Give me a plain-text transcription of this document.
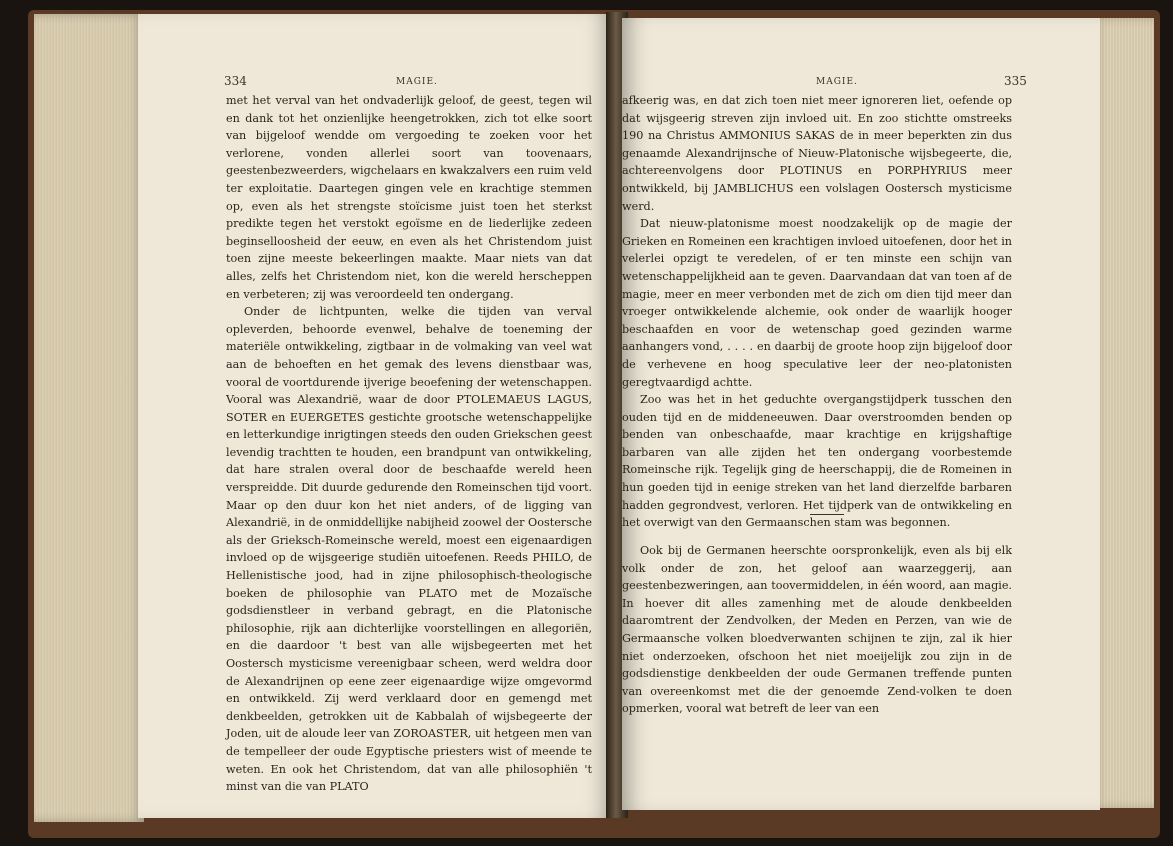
334	MAGIE.

met het verval van het ondvaderlijk geloof, de geest, tegen wil en dank tot het onzienlijke heengetrokken, zich tot elke soort van bijgeloof wendde om vergoeding te zoeken voor het verlorene, vonden allerlei soort van toovenaars, geestenbezweerders, wigchelaars en kwakzalvers een ruim veld ter exploitatie. Daartegen gingen vele en krachtige stemmen op, even als het strengste stoïcisme juist toen het sterkst predikte tegen het verstokt egoïsme en de liederlijke zedeen beginselloosheid der eeuw, en even als het Christendom juist toen zijne meeste bekeerlingen maakte. Maar niets van dat alles, zelfs het Christendom niet, kon die wereld herscheppen en verbeteren; zij was veroordeeld ten ondergang.

Onder de lichtpunten, welke die tijden van verval opleverden, behoorde evenwel, behalve de toeneming der materiële ontwikkeling, zigtbaar in de volmaking van veel wat aan de behoeften en het gemak des levens dienstbaar was, vooral de voortdurende ijverige beoefening der wetenschappen. Vooral was Alexandrië, waar de door PTOLEMAEUS LAGUS, SOTER en EUERGETES gestichte grootsche wetenschappelijke en letterkundige inrigtingen steeds den ouden Griekschen geest levendig trachtten te houden, een brandpunt van ontwikkeling, dat hare stralen overal door de beschaafde wereld heen verspreidde. Dit duurde gedurende den Romeinschen tijd voort. Maar op den duur kon het niet anders, of de ligging van Alexandrië, in de onmiddellijke nabijheid zoowel der Oostersche als der Grieksch-Romeinsche wereld, moest een eigenaardigen invloed op de wijsgeerige studiën uitoefenen. Reeds PHILO, de Hellenistische jood, had in zijne philosophisch-theologische boeken de philosophie van PLATO met de Mozaïsche godsdienstleer in verband gebragt, en die Platonische philosophie, rijk aan dichterlijke voorstellingen en allegoriën, en die daardoor 't best van alle wijsbegeerten met het Oostersch mysticisme vereenigbaar scheen, werd weldra door de Alexandrijnen op eene zeer eigenaardige wijze omgevormd en ontwikkeld. Zij werd verklaard door en gemengd met denkbeelden, getrokken uit de Kabbalah of wijsbegeerte der Joden, uit de aloude leer van ZOROASTER, uit hetgeen men van de tempelleer der oude Egyptische priesters wist of meende te weten. En ook het Christendom, dat van alle philosophiën 't minst van die van PLATO

MAGIE.	335

afkeerig was, en dat zich toen niet meer ignoreren liet, oefende op dat wijsgeerig streven zijn invloed uit. En zoo stichtte omstreeks 190 na Christus AMMONIUS SAKAS de in meer beperkten zin dus genaamde Alexandrijnsche of Nieuw-Platonische wijsbegeerte, die, achtereenvolgens door PLOTINUS en PORPHYRIUS meer ontwikkeld, bij JAMBLICHUS een volslagen Oostersch mysticisme werd.

Dat nieuw-platonisme moest noodzakelijk op de magie der Grieken en Romeinen een krachtigen invloed uitoefenen, door het in velerlei opzigt te veredelen, of er ten minste een schijn van wetenschappelijkheid aan te geven. Daarvandaan dat van toen af de magie, meer en meer verbonden met de zich om dien tijd meer dan vroeger ontwikkelende alchemie, ook onder de waarlijk hooger beschaafden en voor de wetenschap goed gezinden warme aanhangers vond, . . . . en daarbij de groote hoop zijn bijgeloof door de verhevene en hoog speculative leer der neo-platonisten geregtvaardigd achtte.

Zoo was het in het geduchte overgangstijdperk tusschen den ouden tijd en de middeneeuwen. Daar overstroomden benden op benden van onbeschaafde, maar krachtige en krijgshaftige barbaren van alle zijden het ten ondergang voorbestemde Romeinsche rijk. Tegelijk ging de heerschappij, die de Romeinen in hun goeden tijd in eenige streken van het land dierzelfde barbaren hadden gegrondvest, verloren. Het tijdperk van de ontwikkeling en het overwigt van den Germaanschen stam was begonnen.

Ook bij de Germanen heerschte oorspronkelijk, even als bij elk volk onder de zon, het geloof aan waarzeggerij, aan geestenbezweringen, aan toovermiddelen, in één woord, aan magie. In hoever dit alles zamenhing met de aloude denkbeelden daaromtrent der Zendvolken, der Meden en Perzen, van wie de Germaansche volken bloedverwanten schijnen te zijn, zal ik hier niet onderzoeken, ofschoon het niet moeijelijk zou zijn in de godsdienstige denkbeelden der oude Germanen treffende punten van overeenkomst met die der genoemde Zend-volken te doen opmerken, vooral wat betreft de leer van een
